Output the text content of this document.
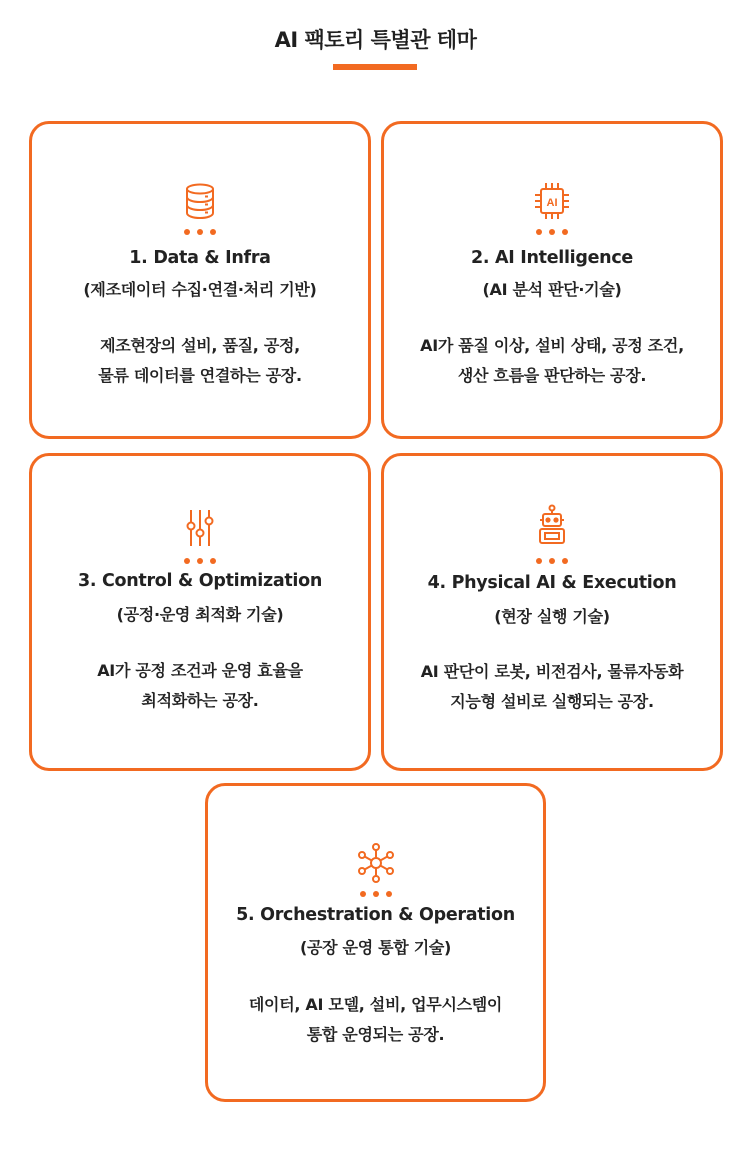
AI 팩토리 특별관 테마
1. Data & Infra
(제조데이터 수집·연결·처리 기반)
제조현장의 설비, 품질, 공정,
물류 데이터를 연결하는 공장.
AI
2. AI Intelligence
(AI 분석 판단·기술)
AI가 품질 이상, 설비 상태, 공정 조건,
생산 흐름을 판단하는 공장.
3. Control & Optimization
(공정·운영 최적화 기술)
AI가 공정 조건과 운영 효율을
최적화하는 공장.
4. Physical AI & Execution
(현장 실행 기술)
AI 판단이 로봇, 비전검사, 물류자동화
지능형 설비로 실행되는 공장.
5. Orchestration & Operation
(공장 운영 통합 기술)
데이터, AI 모델, 설비, 업무시스템이
통합 운영되는 공장.
